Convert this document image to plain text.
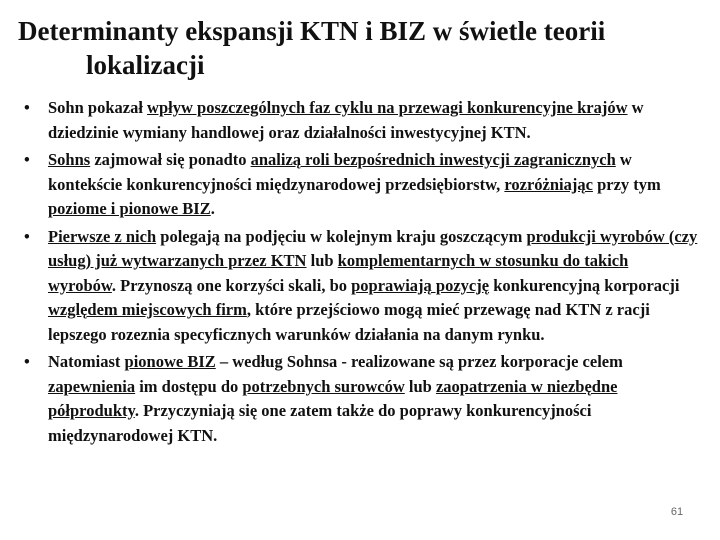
Determinanty ekspansji KTN i BIZ w świetle teorii
lokalizacji
• Sohn pokazał wpływ poszczególnych faz cyklu na przewagi konkurencyjne krajów w dziedzinie wymiany handlowej oraz działalności inwestycyjnej KTN.
• Sohns zajmował się ponadto analizą roli bezpośrednich inwestycji zagranicznych w kontekście konkurencyjności międzynarodowej przedsiębiorstw, rozróżniając przy tym poziome i pionowe BIZ.
• Pierwsze z nich polegają na podjęciu w kolejnym kraju goszczącym produkcji wyrobów (czy usług) już wytwarzanych przez KTN lub komplementarnych w stosunku do takich wyrobów. Przynoszą one korzyści skali, bo poprawiają pozycję konkurencyjną korporacji względem miejscowych firm, które przejściowo mogą mieć przewagę nad KTN z racji lepszego rozeznia specyficznych warunków działania na danym rynku.
• Natomiast pionowe BIZ – według Sohnsa - realizowane są przez korporacje celem zapewnienia im dostępu do potrzebnych surowców lub zaopatrzenia w niezbędne półprodukty. Przyczyniają się one zatem także do poprawy konkurencyjności międzynarodowej KTN.
61
